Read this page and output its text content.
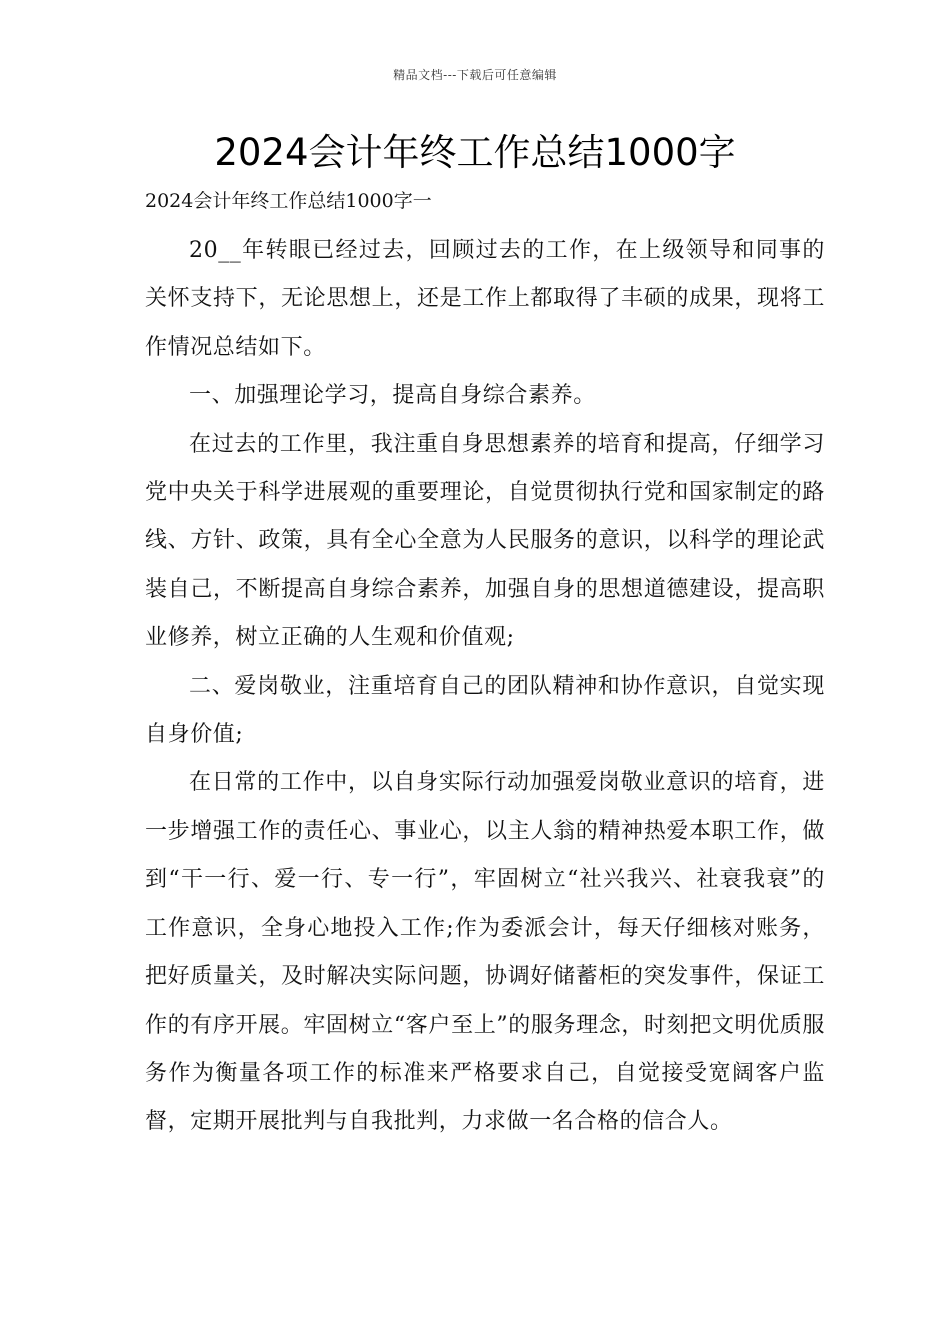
精品文档---下载后可任意编辑
2024会计年终工作总结1000字
2024会计年终工作总结1000字一

20__年转眼已经过去，回顾过去的工作，在上级领导和同事的关怀支持下，无论思想上，还是工作上都取得了丰硕的成果，现将工作情况总结如下。

一、加强理论学习，提高自身综合素养。

在过去的工作里，我注重自身思想素养的培育和提高，仔细学习党中央关于科学进展观的重要理论，自觉贯彻执行党和国家制定的路线、方针、政策，具有全心全意为人民服务的意识，以科学的理论武装自己，不断提高自身综合素养，加强自身的思想道德建设，提高职业修养，树立正确的人生观和价值观;

二、爱岗敬业，注重培育自己的团队精神和协作意识，自觉实现自身价值;

在日常的工作中，以自身实际行动加强爱岗敬业意识的培育，进一步增强工作的责任心、事业心，以主人翁的精神热爱本职工作，做到“干一行、爱一行、专一行”，牢固树立“社兴我兴、社衰我衰”的工作意识，全身心地投入工作;作为委派会计，每天仔细核对账务，把好质量关，及时解决实际问题，协调好储蓄柜的突发事件，保证工作的有序开展。牢固树立“客户至上”的服务理念，时刻把文明优质服务作为衡量各项工作的标准来严格要求自己，自觉接受宽阔客户监督，定期开展批判与自我批判，力求做一名合格的信合人。
